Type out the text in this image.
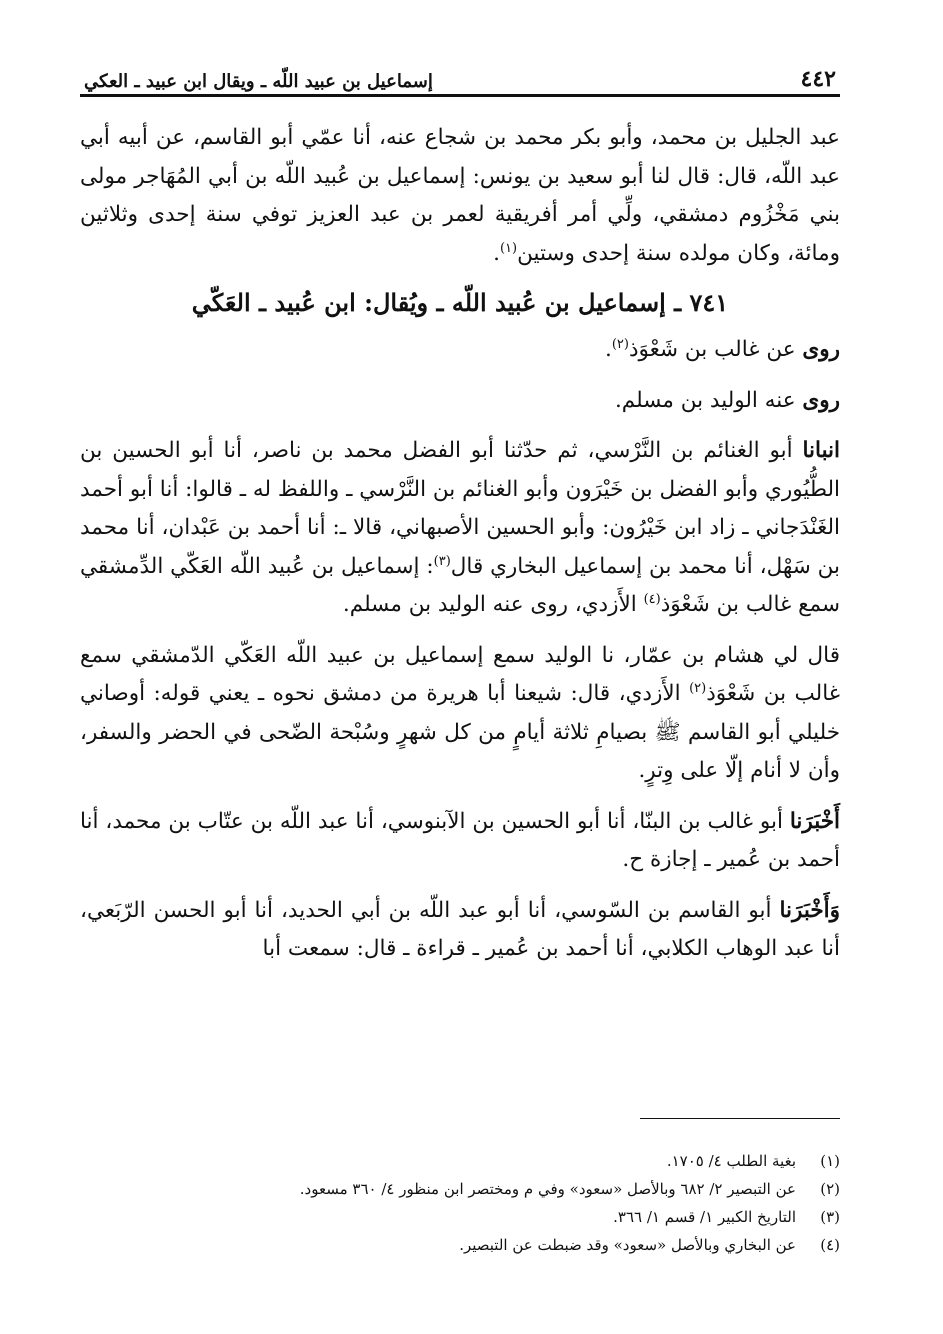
٤٤٢
إسماعيل بن عبيد اللّه ـ ويقال ابن عبيد ـ العكي

عبد الجليل بن محمد، وأبو بكر محمد بن شجاع عنه، أنا عمّي أبو القاسم، عن أبيه أبي عبد اللّه، قال: قال لنا أبو سعيد بن يونس: إسماعيل بن عُبيد اللّه بن أبي المُهَاجر مولى بني مَخْزُوم دمشقي، ولِّي أمر أفريقية لعمر بن عبد العزيز توفي سنة إحدى وثلاثين ومائة، وكان مولده سنة إحدى وستين$^{(١)}$.

٧٤١ ـ إسماعيل بن عُبيد اللّه ـ ويُقال: ابن عُبيد ـ العَكّي

روى عن غالب بن شَعْوَذ$^{(٢)}$.

روى عنه الوليد بن مسلم.

انبانا أبو الغنائم بن النَّرْسي، ثم حدّثنا أبو الفضل محمد بن ناصر، أنا أبو الحسين بن الطُّيُوري وأبو الفضل بن خَيْرَون وأبو الغنائم بن النَّرْسي ـ واللفظ له ـ قالوا: أنا أبو أحمد الغَنْدَجاني ـ زاد ابن خَيْرُون: وأبو الحسين الأصبهاني، قالا ـ: أنا أحمد بن عَبْدان، أنا محمد بن سَهْل، أنا محمد بن إسماعيل البخاري قال$^{(٣)}$: إسماعيل بن عُبيد اللّه العَكّي الدِّمشقي سمع غالب بن شَعْوَذ$^{(٤)}$ الأَزدي، روى عنه الوليد بن مسلم.

قال لي هشام بن عمّار، نا الوليد سمع إسماعيل بن عبيد اللّه العَكّي الدّمشقي سمع غالب بن شَعْوَذ$^{(٢)}$ الأَزدي، قال: شيعنا أبا هريرة من دمشق نحوه ـ يعني قوله: أوصاني خليلي أبو القاسم ﷺ بصيامِ ثلاثة أيامٍ من كل شهرٍ وسُبْحة الضّحى في الحضر والسفر، وأن لا أنام إلّا على وِترٍ.

أَخْبَرَنا أبو غالب بن البنّا، أنا أبو الحسين بن الآبنوسي، أنا عبد اللّه بن عتّاب بن محمد، أنا أحمد بن عُمير ـ إجازة ح.

وَأَخْبَرَنا أبو القاسم بن السّوسي، أنا أبو عبد اللّه بن أبي الحديد، أنا أبو الحسن الرّبَعي، أنا عبد الوهاب الكلابي، أنا أحمد بن عُمير ـ قراءة ـ قال: سمعت أبا

(١)
بغية الطلب ٤/ ١٧٠٥.
(٢)
عن التبصير ٢/ ٦٨٢ وبالأصل «سعود» وفي م ومختصر ابن منظور ٤/ ٣٦٠ مسعود.
(٣)
التاريخ الكبير ١/ قسم ١/ ٣٦٦.
(٤)
عن البخاري وبالأصل «سعود» وقد ضبطت عن التبصير.
